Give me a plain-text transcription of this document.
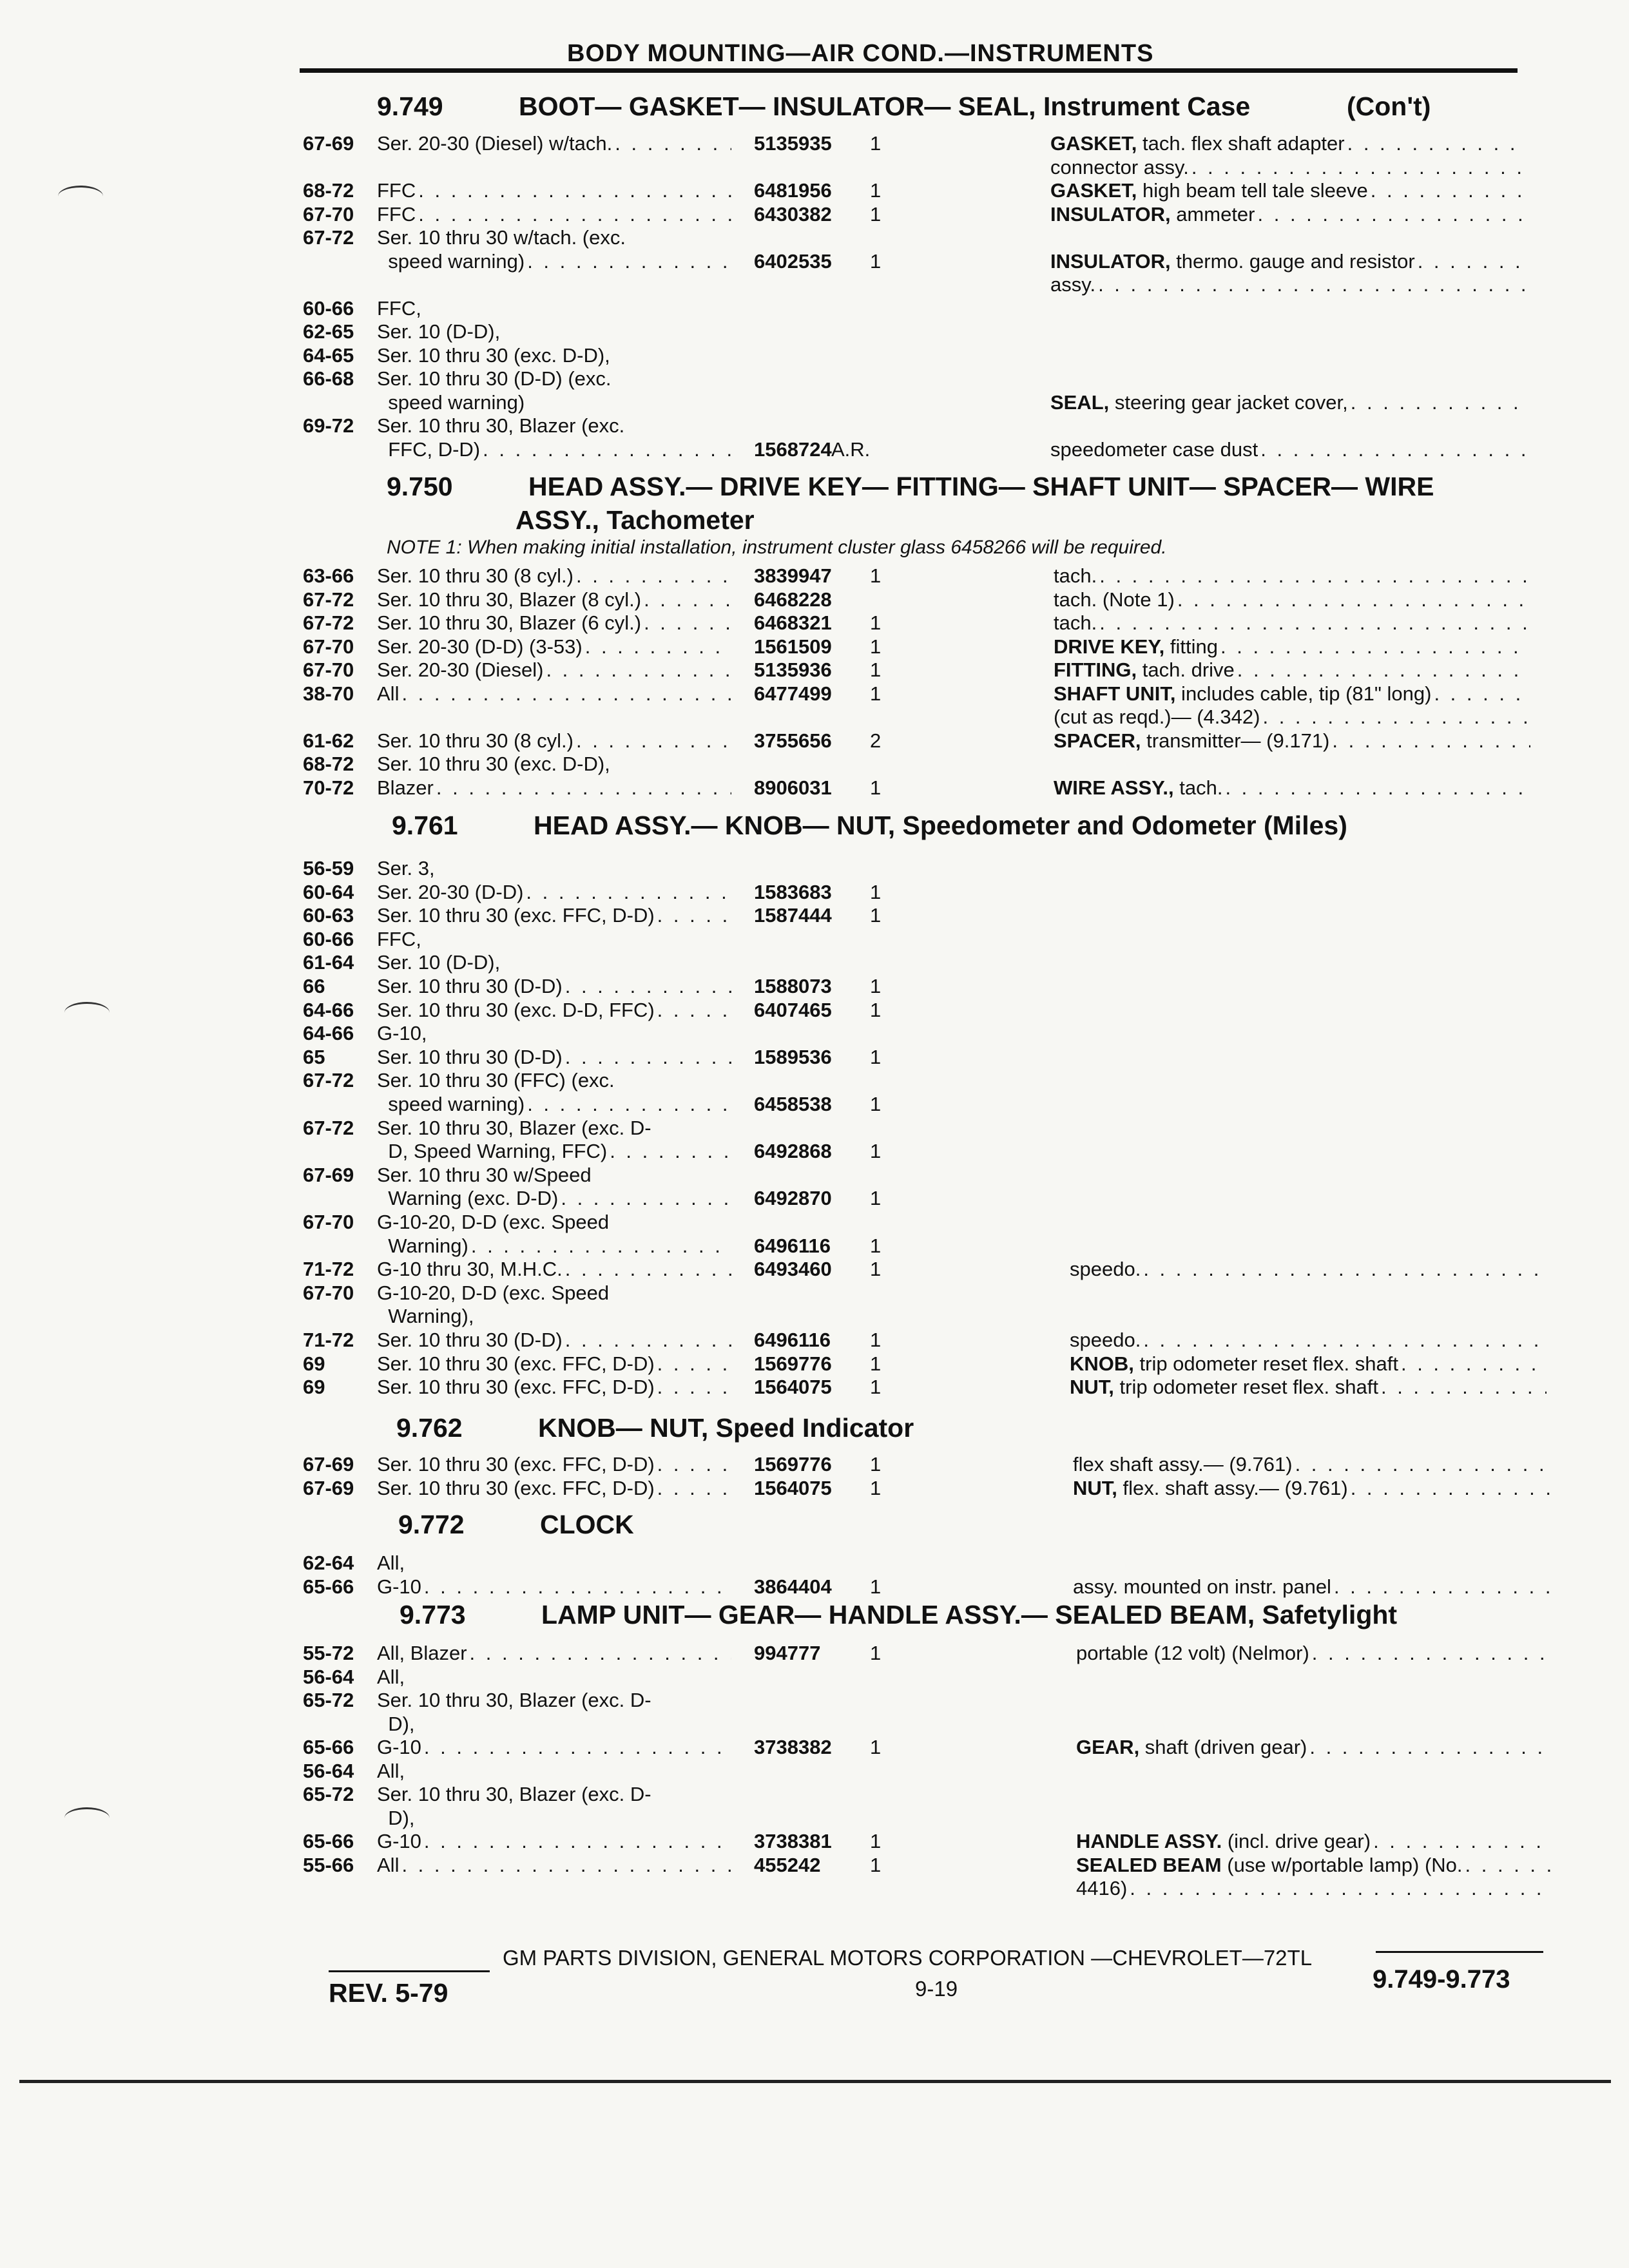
BODY MOUNTING—AIR COND.—INSTRUMENTS
9.749	BOOT— GASKET— INSULATOR— SEAL, Instrument Case	(Con't)
67-69	Ser. 20-30 (Diesel) w/tach. . . .	5135935 1	GASKET, tach. flex shaft adapter
. . .
connector assy.
. . .
68-72	FFC . . .	6481956 1	GASKET, high beam tell tale sleeve
. . .
67-70	FFC . . .	6430382 1	INSULATOR, ammeter
. . .
67-72	Ser. 10 thru 30 w/tach. (exc.
speed warning) . . .	6402535 1	INSULATOR, thermo. gauge and resistor
. . .
assy.
. . .
60-66	FFC,
62-65	Ser. 10 (D-D),
64-65	Ser. 10 thru 30 (exc. D-D),
66-68	Ser. 10 thru 30 (D-D) (exc.
speed warning)	SEAL, steering gear jacket cover,
. . .
69-72	Ser. 10 thru 30, Blazer (exc.
FFC, D-D) . . .	1568724 A.R.	speedometer case dust
. . .
9.750	HEAD ASSY.— DRIVE KEY— FITTING— SHAFT UNIT— SPACER— WIRE
ASSY., Tachometer
NOTE 1: When making initial installation, instrument cluster glass 6458266 will be required.
63-66	Ser. 10 thru 30 (8 cyl.) . . .	3839947 1	tach.
. . .
67-72	Ser. 10 thru 30, Blazer (8 cyl.) . . .	6468228	tach. (Note 1)
. . .
67-72	Ser. 10 thru 30, Blazer (6 cyl.) . . .	6468321 1	tach.
. . .
67-70	Ser. 20-30 (D-D) (3-53) . . .	1561509 1	DRIVE KEY, fitting
. . .
67-70	Ser. 20-30 (Diesel) . . .	5135936 1	FITTING, tach. drive
. . .
38-70	All . . .	6477499 1	SHAFT UNIT, includes cable, tip (81" long)
. . .
(cut as reqd.)— (4.342)
. . .
61-62	Ser. 10 thru 30 (8 cyl.) . . .	3755656 2	SPACER, transmitter— (9.171)
. . .
68-72	Ser. 10 thru 30 (exc. D-D),
70-72	Blazer . . .	8906031 1	WIRE ASSY., tach.
. . .
9.761	HEAD ASSY.— KNOB— NUT, Speedometer and Odometer (Miles)
56-59	Ser. 3,
60-64	Ser. 20-30 (D-D) . . .	1583683 1
60-63	Ser. 10 thru 30 (exc. FFC, D-D) . . .	1587444 1
60-66	FFC,
61-64	Ser. 10 (D-D),
66	Ser. 10 thru 30 (D-D) . . .	1588073 1
64-66	Ser. 10 thru 30 (exc. D-D, FFC) . . .	6407465 1
64-66	G-10,
65	Ser. 10 thru 30 (D-D) . . .	1589536 1
67-72	Ser. 10 thru 30 (FFC) (exc.
speed warning) . . .	6458538 1
67-72	Ser. 10 thru 30, Blazer (exc. D-
D, Speed Warning, FFC) . . .	6492868 1
67-69	Ser. 10 thru 30 w/Speed
Warning (exc. D-D) . . .	6492870 1
67-70	G-10-20, D-D (exc. Speed
Warning) . . .	6496116 1
71-72	G-10 thru 30, M.H.C. . . .	6493460 1	speedo.
. . .
67-70	G-10-20, D-D (exc. Speed
Warning),
71-72	Ser. 10 thru 30 (D-D) . . .	6496116 1	speedo.
. . .
69	Ser. 10 thru 30 (exc. FFC, D-D) . . .	1569776 1	KNOB, trip odometer reset flex. shaft
. . .
69	Ser. 10 thru 30 (exc. FFC, D-D) . . .	1564075 1	NUT, trip odometer reset flex. shaft
. . .
9.762	KNOB— NUT, Speed Indicator
67-69	Ser. 10 thru 30 (exc. FFC, D-D) . . .	1569776 1	flex shaft assy.— (9.761)
. . .
67-69	Ser. 10 thru 30 (exc. FFC, D-D) . . .	1564075 1	NUT, flex. shaft assy.— (9.761)
. . .
9.772	CLOCK
62-64	All,
65-66	G-10 . . .	3864404 1	assy. mounted on instr. panel
. . .
9.773	LAMP UNIT— GEAR— HANDLE ASSY.— SEALED BEAM, Safetylight
55-72	All, Blazer . . .	994777 1	portable (12 volt) (Nelmor)
. . .
56-64	All,
65-72	Ser. 10 thru 30, Blazer (exc. D-
D),
65-66	G-10 . . .	3738382 1	GEAR, shaft (driven gear)
. . .
56-64	All,
65-72	Ser. 10 thru 30, Blazer (exc. D-
D),
65-66	G-10 . . .	3738381 1	HANDLE ASSY. (incl. drive gear)
. . .
55-66	All . . .	455242 1	SEALED BEAM (use w/portable lamp) (No.
. . .
4416)
. . .
GM PARTS DIVISION, GENERAL MOTORS CORPORATION —CHEVROLET—72TL
REV. 5-79	9-19	9.749-9.773
